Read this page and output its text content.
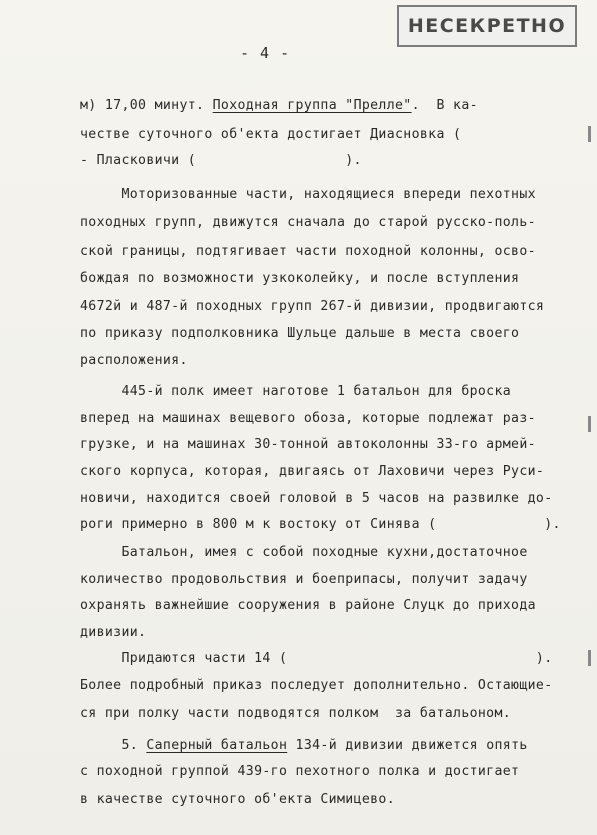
НЕСЕКРЕТНО
- 4 -
м) 17,00 минут. Походная группа "Прелле".  В ка-
честве суточного об'екта достигает Диасновка (
- Пласковичи (                  ).
Моторизованные части, находящиеся впереди пехотных
походных групп, движутся сначала до старой русско-поль-
ской границы, подтягивает части походной колонны, осво-
бождая по возможности узкоколейку, и после вступления
4672й и 487-й походных групп 267-й дивизии, продвигаются
по приказу подполковника Шульце дальше в места своего
расположения.
445-й полк имеет наготове 1 батальон для броска
вперед на машинах вещевого обоза, которые подлежат раз-
грузке, и на машинах 30-тонной автоколонны 33-го армей-
ского корпуса, которая, двигаясь от Лаховичи через Руси-
новичи, находится своей головой в 5 часов на развилке до-
роги примерно в 800 м к востоку от Синява (             ).
Батальон, имея с собой походные кухни,достаточное
количество продовольствия и боеприпасы, получит задачу
охранять важнейшие сооружения в районе Слуцк до прихода
дивизии.
Придаются части 14 (                              ).
Более подробный приказ последует дополнительно. Остающие-
ся при полку части подводятся полком  за батальоном.
5. Саперный батальон 134-й дивизии движется опять
с походной группой 439-го пехотного полка и достигает
в качестве суточного об'екта Симицево.
